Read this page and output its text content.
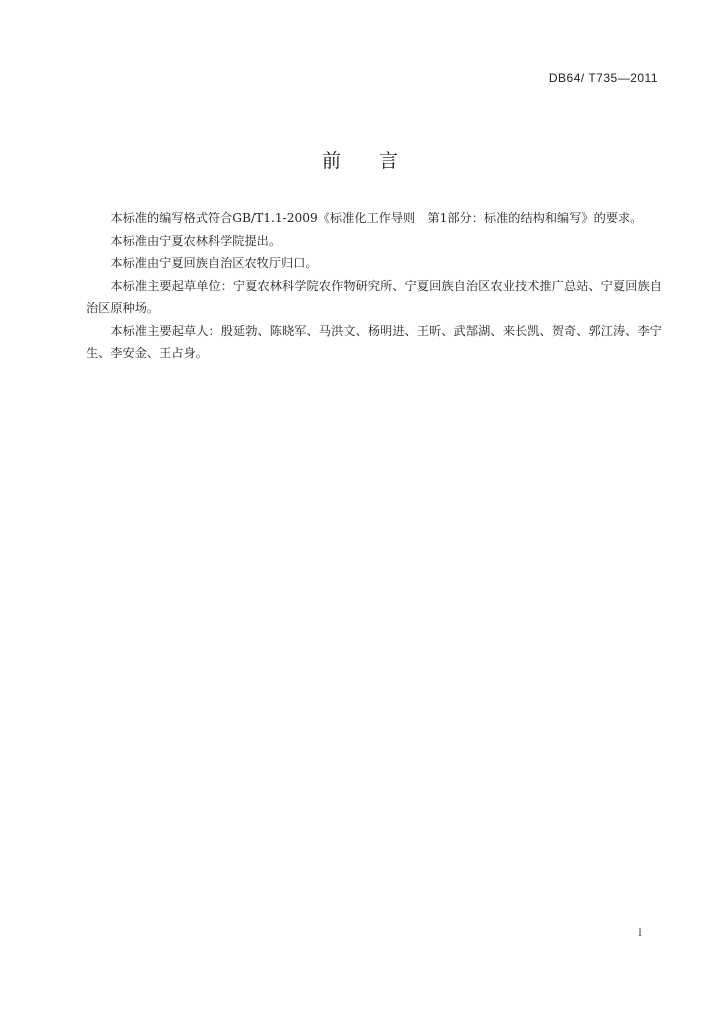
DB64/ T735—2011
前言

本标准的编写格式符合GB/T1.1-2009《标准化工作导则　第1部分：标准的结构和编写》的要求。

本标准由宁夏农林科学院提出。

本标准由宁夏回族自治区农牧厅归口。

本标准主要起草单位：宁夏农林科学院农作物研究所、宁夏回族自治区农业技术推广总站、宁夏回族自治区原种场。

本标准主要起草人：殷延勃、陈晓军、马洪文、杨明进、王昕、武郜湖、来长凯、贺奇、郭江涛、李宁生、李安金、王占身。

I
